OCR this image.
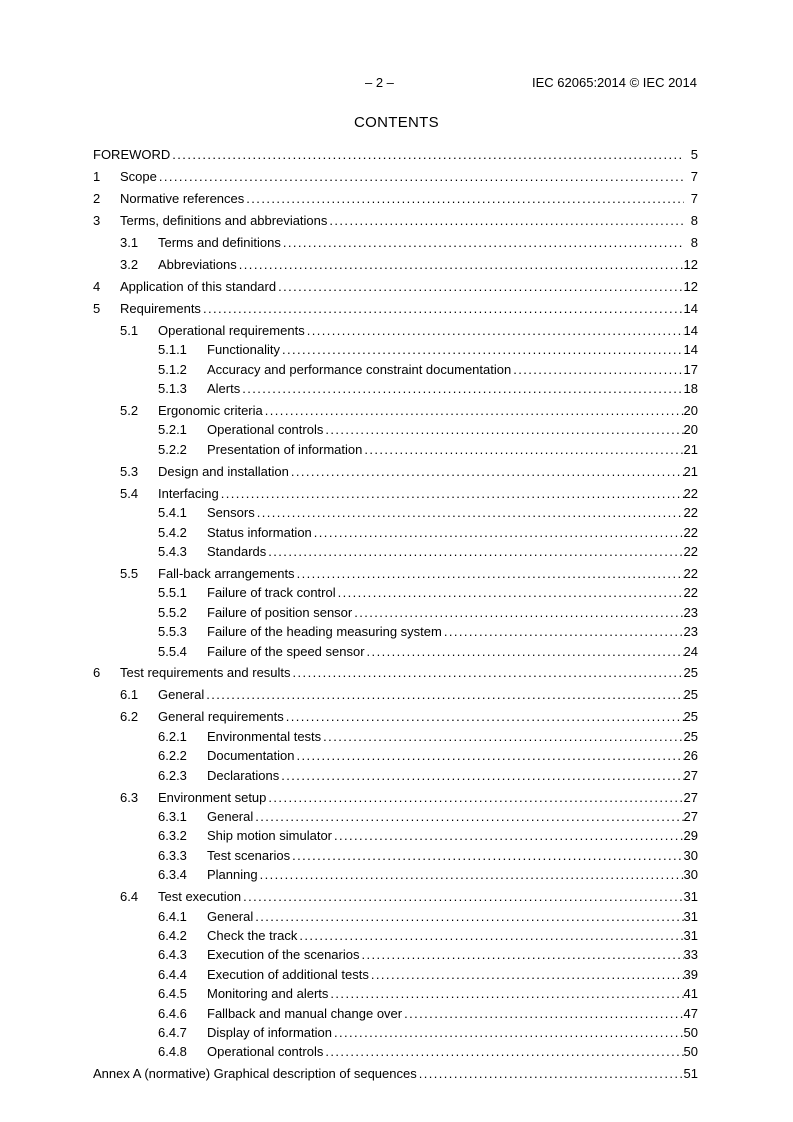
– 2 –	IEC 62065:2014 © IEC 2014
CONTENTS
FOREWORD .....	5
1	Scope .....	7
2	Normative references .....	7
3	Terms, definitions and abbreviations .....	8
3.1	Terms and definitions .....	8
3.2	Abbreviations .....	12
4	Application of this standard .....	12
5	Requirements .....	14
5.1	Operational requirements .....	14
5.1.1	Functionality .....	14
5.1.2	Accuracy and performance constraint documentation .....	17
5.1.3	Alerts .....	18
5.2	Ergonomic criteria .....	20
5.2.1	Operational controls .....	20
5.2.2	Presentation of information .....	21
5.3	Design and installation .....	21
5.4	Interfacing .....	22
5.4.1	Sensors .....	22
5.4.2	Status information .....	22
5.4.3	Standards .....	22
5.5	Fall-back arrangements .....	22
5.5.1	Failure of track control .....	22
5.5.2	Failure of position sensor .....	23
5.5.3	Failure of the heading measuring system .....	23
5.5.4	Failure of the speed sensor .....	24
6	Test requirements and results .....	25
6.1	General .....	25
6.2	General requirements .....	25
6.2.1	Environmental tests .....	25
6.2.2	Documentation .....	26
6.2.3	Declarations .....	27
6.3	Environment setup .....	27
6.3.1	General .....	27
6.3.2	Ship motion simulator .....	29
6.3.3	Test scenarios .....	30
6.3.4	Planning .....	30
6.4	Test execution .....	31
6.4.1	General .....	31
6.4.2	Check the track .....	31
6.4.3	Execution of the scenarios .....	33
6.4.4	Execution of additional tests .....	39
6.4.5	Monitoring and alerts .....	41
6.4.6	Fallback and manual change over .....	47
6.4.7	Display of information .....	50
6.4.8	Operational controls .....	50
Annex A (normative) Graphical description of sequences .....	51
